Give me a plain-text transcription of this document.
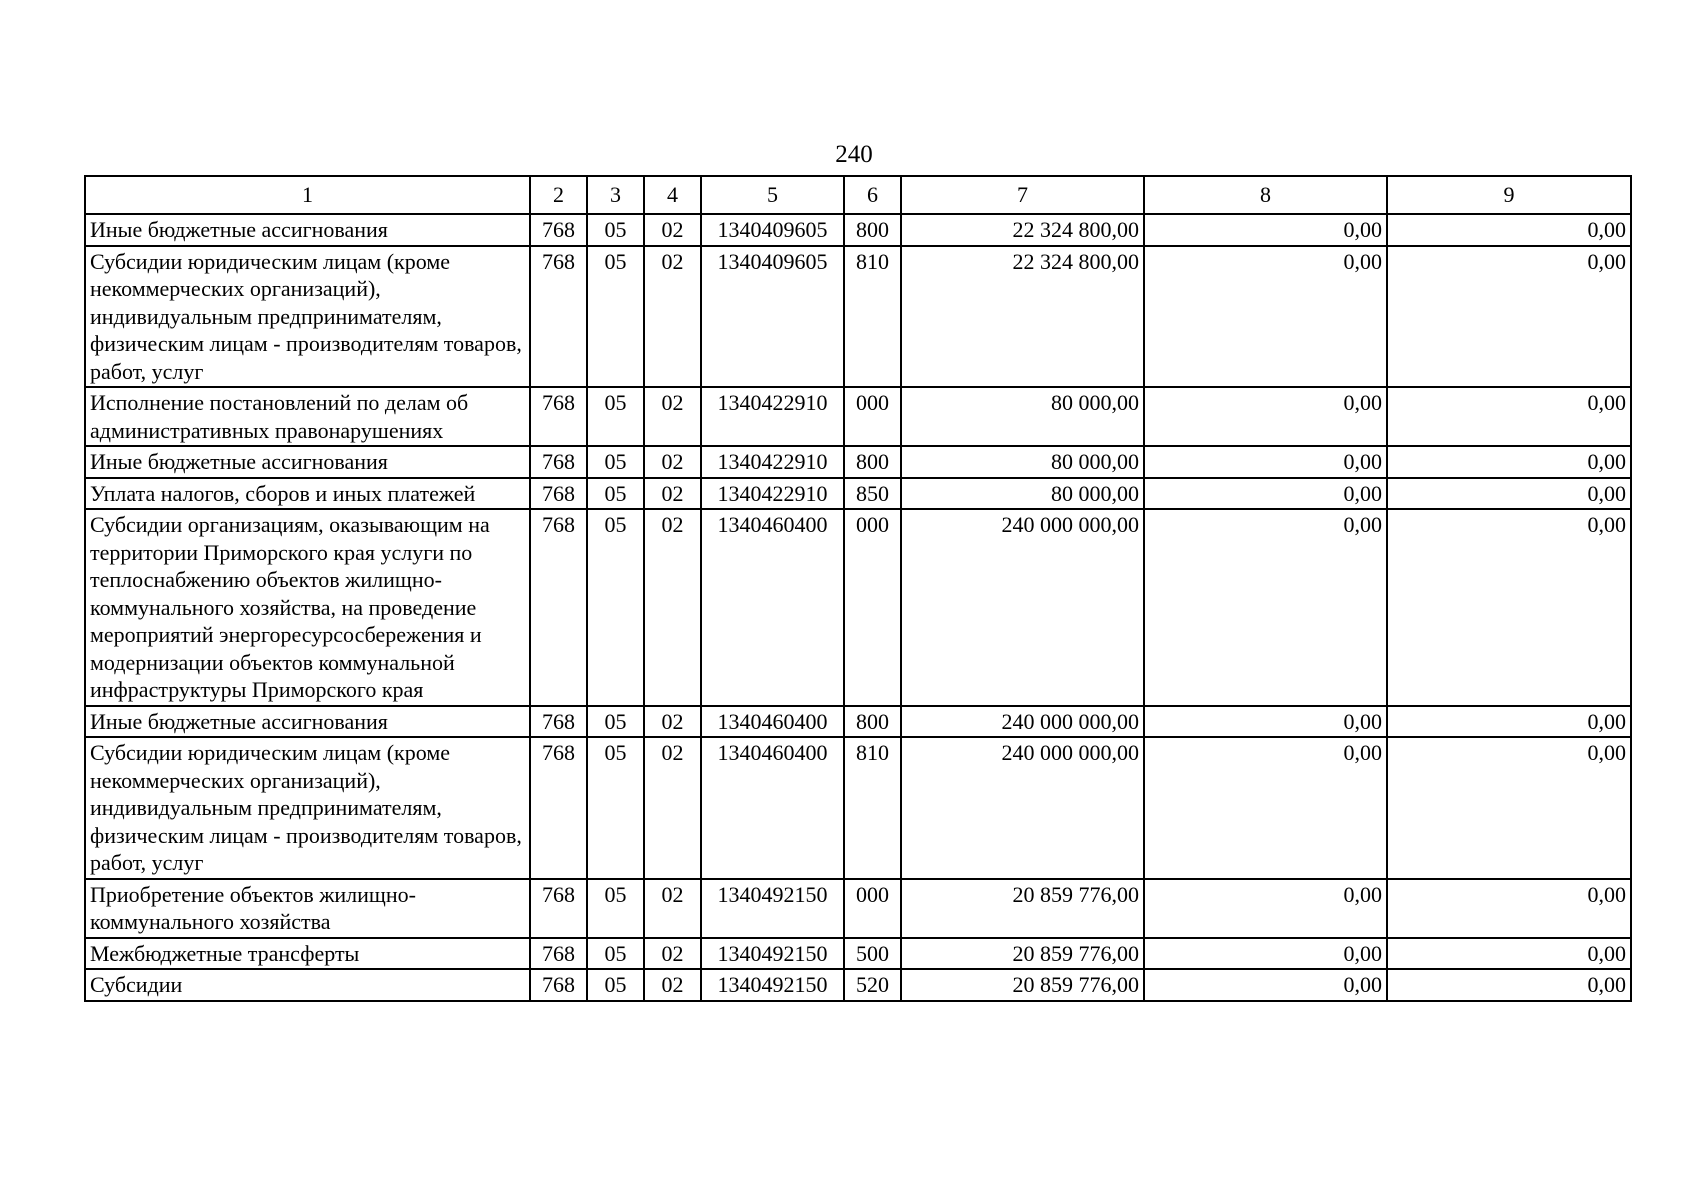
240
1	2	3	4	5	6	7	8	9
Иные бюджетные ассигнования	768	05	02	1340409605	800	22 324 800,00	0,00	0,00
Субсидии юридическим лицам (кроме некоммерческих организаций), индивидуальным предпринимателям, физическим лицам - производителям товаров, работ, услуг	768	05	02	1340409605	810	22 324 800,00	0,00	0,00
Исполнение постановлений по делам об административных правонарушениях	768	05	02	1340422910	000	80 000,00	0,00	0,00
Иные бюджетные ассигнования	768	05	02	1340422910	800	80 000,00	0,00	0,00
Уплата налогов, сборов и иных платежей	768	05	02	1340422910	850	80 000,00	0,00	0,00
Субсидии организациям, оказывающим на территории Приморского края услуги по теплоснабжению объектов жилищно-коммунального хозяйства, на проведение мероприятий энергоресурсосбережения и модернизации объектов коммунальной инфраструктуры Приморского края	768	05	02	1340460400	000	240 000 000,00	0,00	0,00
Иные бюджетные ассигнования	768	05	02	1340460400	800	240 000 000,00	0,00	0,00
Субсидии юридическим лицам (кроме некоммерческих организаций), индивидуальным предпринимателям, физическим лицам - производителям товаров, работ, услуг	768	05	02	1340460400	810	240 000 000,00	0,00	0,00
Приобретение объектов жилищно-коммунального хозяйства	768	05	02	1340492150	000	20 859 776,00	0,00	0,00
Межбюджетные трансферты	768	05	02	1340492150	500	20 859 776,00	0,00	0,00
Субсидии	768	05	02	1340492150	520	20 859 776,00	0,00	0,00
